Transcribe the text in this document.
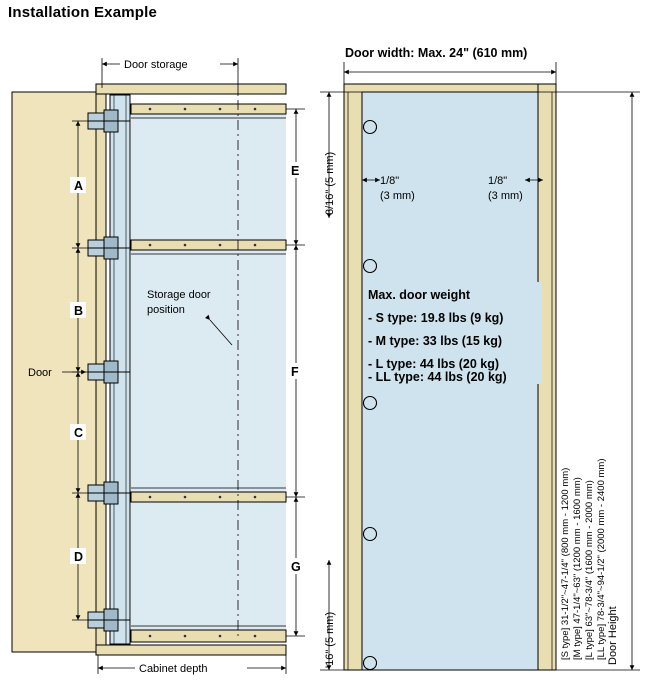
Installation Example
Door storage
Cabinet depth
A
B
C
D
Door
Storage door
position
E
F
G
Door width: Max. 24" (610 mm)
1/8"
(3 mm)
1/8"
(3 mm)
3/16" (5 mm)
'16" (5 mm)
Max. door weight
- S type: 19.8 lbs (9 kg)
- M type: 33 lbs (15 kg)
- L type: 44 lbs (20 kg)
- LL type: 44 lbs (20 kg)
Door Height
[S type] 31-1/2"~47-1/4" (800 mm - 1200 mm) [M type] 47-1/4"~63" (1200 mm - 1600 mm) [L type] 63"~78-3/4" (1600 mm - 2000 mm) [LL type] 78-3/4"~94-1/2" (2000 mm - 2400 mm)
